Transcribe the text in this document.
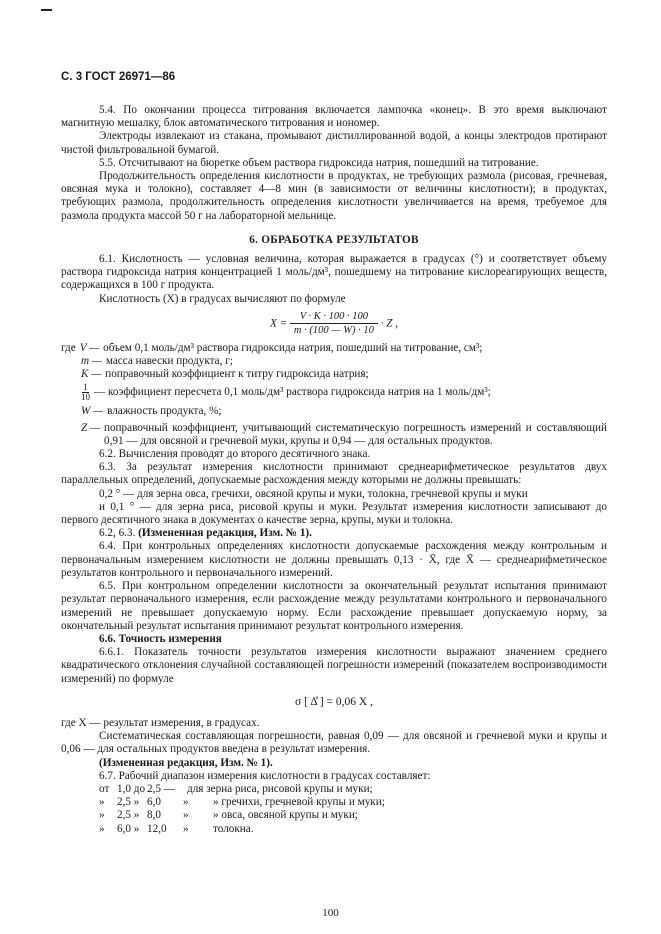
С. 3 ГОСТ 26971—86

5.4. По окончании процесса титрования включается лампочка «конец». В это время выключают магнитную мешалку, блок автоматического титрования и иономер.

Электроды извлекают из стакана, промывают дистиллированной водой, а концы электродов протирают чистой фильтровальной бумагой.

5.5. Отсчитывают на бюретке объем раствора гидроксида натрия, пошедший на титрование.

Продолжительность определения кислотности в продуктах, не требующих размола (рисовая, гречневая, овсяная мука и толокно), составляет 4—8 мин (в зависимости от величины кислотности); в продуктах, требующих размола, продолжительность определения кислотности увеличивается на время, требуемое для размола продукта массой 50 г на лабораторной мельнице.

6. ОБРАБОТКА РЕЗУЛЬТАТОВ

6.1. Кислотность — условная величина, которая выражается в градусах (°) и соответствует объему раствора гидроксида натрия концентрацией 1 моль/дм³, пошедшему на титрование кислореагирующих веществ, содержащихся в 100 г продукта.

Кислотность (X) в градусах вычисляют по формуле

$X = \frac{V \cdot K \cdot 100 \cdot 100}{m \cdot (100 — W) \cdot 10} \cdot Z$ ,
где V — объем 0,1 моль/дм³ раствора гидроксида натрия, пошедший на титрование, см³;
m — масса навески продукта, г;
K — поправочный коэффициент к титру гидроксида натрия;
$\frac{1}{10}$ — коэффициент пересчета 0,1 моль/дм³ раствора гидроксида натрия на 1 моль/дм³;
W — влажность продукта, %;
Z — поправочный коэффициент, учитывающий систематическую погрешность измерений и составляющий 0,91 — для овсяной и гречневой муки, крупы и 0,94 — для остальных продуктов.

6.2. Вычисления проводят до второго десятичного знака.

6.3. За результат измерения кислотности принимают среднеарифметическое результатов двух параллельных определений, допускаемые расхождения между которыми не должны превышать:

0,2 ° — для зерна овса, гречихи, овсяной крупы и муки, толокна, гречневой крупы и муки

и 0,1 ° — для зерна риса, рисовой крупы и муки. Результат измерения кислотности записывают до первого десятичного знака в документах о качестве зерна, крупы, муки и толокна.

6.2, 6.3. (Измененная редакция, Изм. № 1).

6.4. При контрольных определениях кислотности допускаемые расхождения между контрольным и первоначальным измерением кислотности не должны превышать 0,13 · X̄, где X̄ — среднеарифметическое результатов контрольного и первоначального измерений.

6.5. При контрольном определении кислотности за окончательный результат испытания принимают результат первоначального измерения, если расхождение между результатами контрольного и первоначального измерений не превышает допускаемую норму. Если расхождение превышает допускаемую норму, за окончательный результат испытания принимают результат контрольного измерения.

6.6. Точность измерения

6.6.1. Показатель точности результатов измерения кислотности выражают значением среднего квадратического отклонения случайной составляющей погрешности измерений (показателем воспроизводимости измерений) по формуле

σ [ Δ̊ ] = 0,06 X ,

где X — результат измерения, в градусах.

Систематическая составляющая погрешности, равная 0,09 — для овсяной и гречневой муки и крупы и 0,06 — для остальных продуктов введена в результат измерения.

(Измененная редакция, Изм. № 1).

6.7. Рабочий диапазон измерения кислотности в градусах составляет:

от 1,0 до 2,5 —	для зерна риса, рисовой крупы и муки;
»	2,5 » 6,0	»	» гречихи, гречневой крупы и муки;
»	2,5 » 8,0	»	» овса, овсяной крупы и муки;
»	6,0 » 12,0	»	толокна.
100
